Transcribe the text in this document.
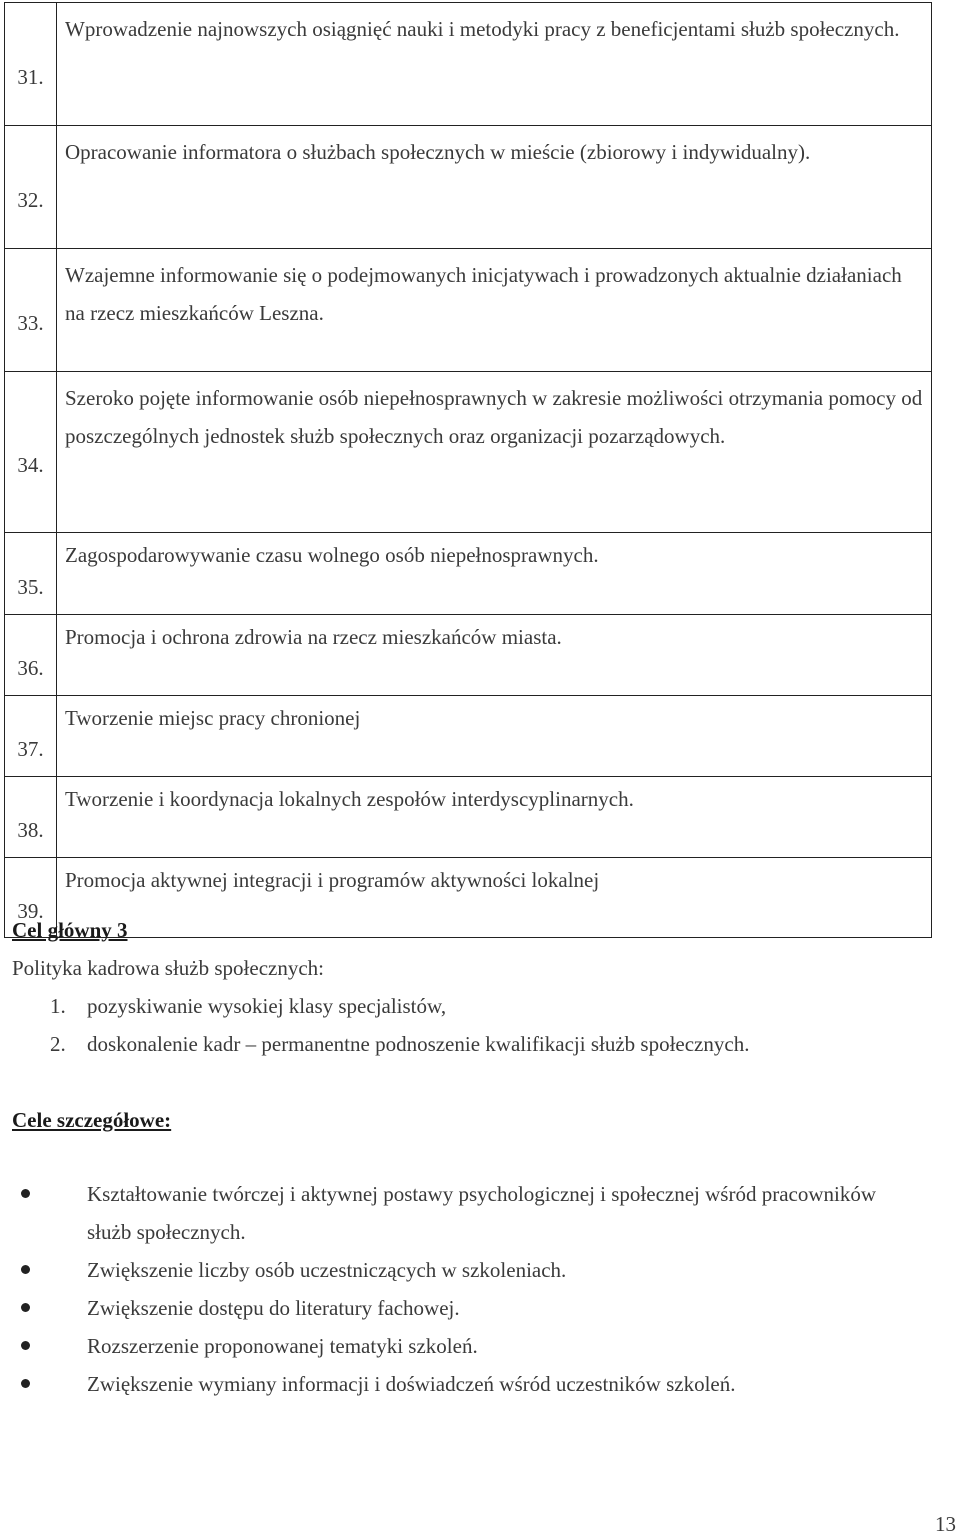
31.	Wprowadzenie najnowszych osiągnięć nauki i metodyki pracy z beneficjentami służb społecznych.

32.	Opracowanie informatora o służbach społecznych w mieście (zbiorowy i indywidualny).

33.	Wzajemne informowanie się o podejmowanych inicjatywach i prowadzonych aktualnie działaniach na rzecz mieszkańców Leszna.

34.	Szeroko pojęte informowanie osób niepełnosprawnych w zakresie możliwości otrzymania pomocy od poszczególnych jednostek służb społecznych oraz organizacji pozarządowych.

35.	Zagospodarowywanie czasu wolnego osób niepełnosprawnych.

36.	Promocja i ochrona zdrowia na rzecz mieszkańców miasta.

37.	Tworzenie miejsc pracy chronionej

38.	Tworzenie i koordynacja lokalnych zespołów interdyscyplinarnych.

39.	Promocja aktywnej integracji i programów aktywności lokalnej
Cel główny 3
Polityka kadrowa służb społecznych:
1. pozyskiwanie wysokiej klasy specjalistów,
2. doskonalenie kadr – permanentne podnoszenie kwalifikacji służb społecznych.
Cele szczegółowe:
Kształtowanie twórczej i aktywnej postawy psychologicznej i społecznej wśród pracowników służb społecznych.
Zwiększenie liczby osób uczestniczących w szkoleniach.
Zwiększenie dostępu do literatury fachowej.
Rozszerzenie proponowanej tematyki szkoleń.
Zwiększenie wymiany informacji i doświadczeń wśród uczestników szkoleń.
13
